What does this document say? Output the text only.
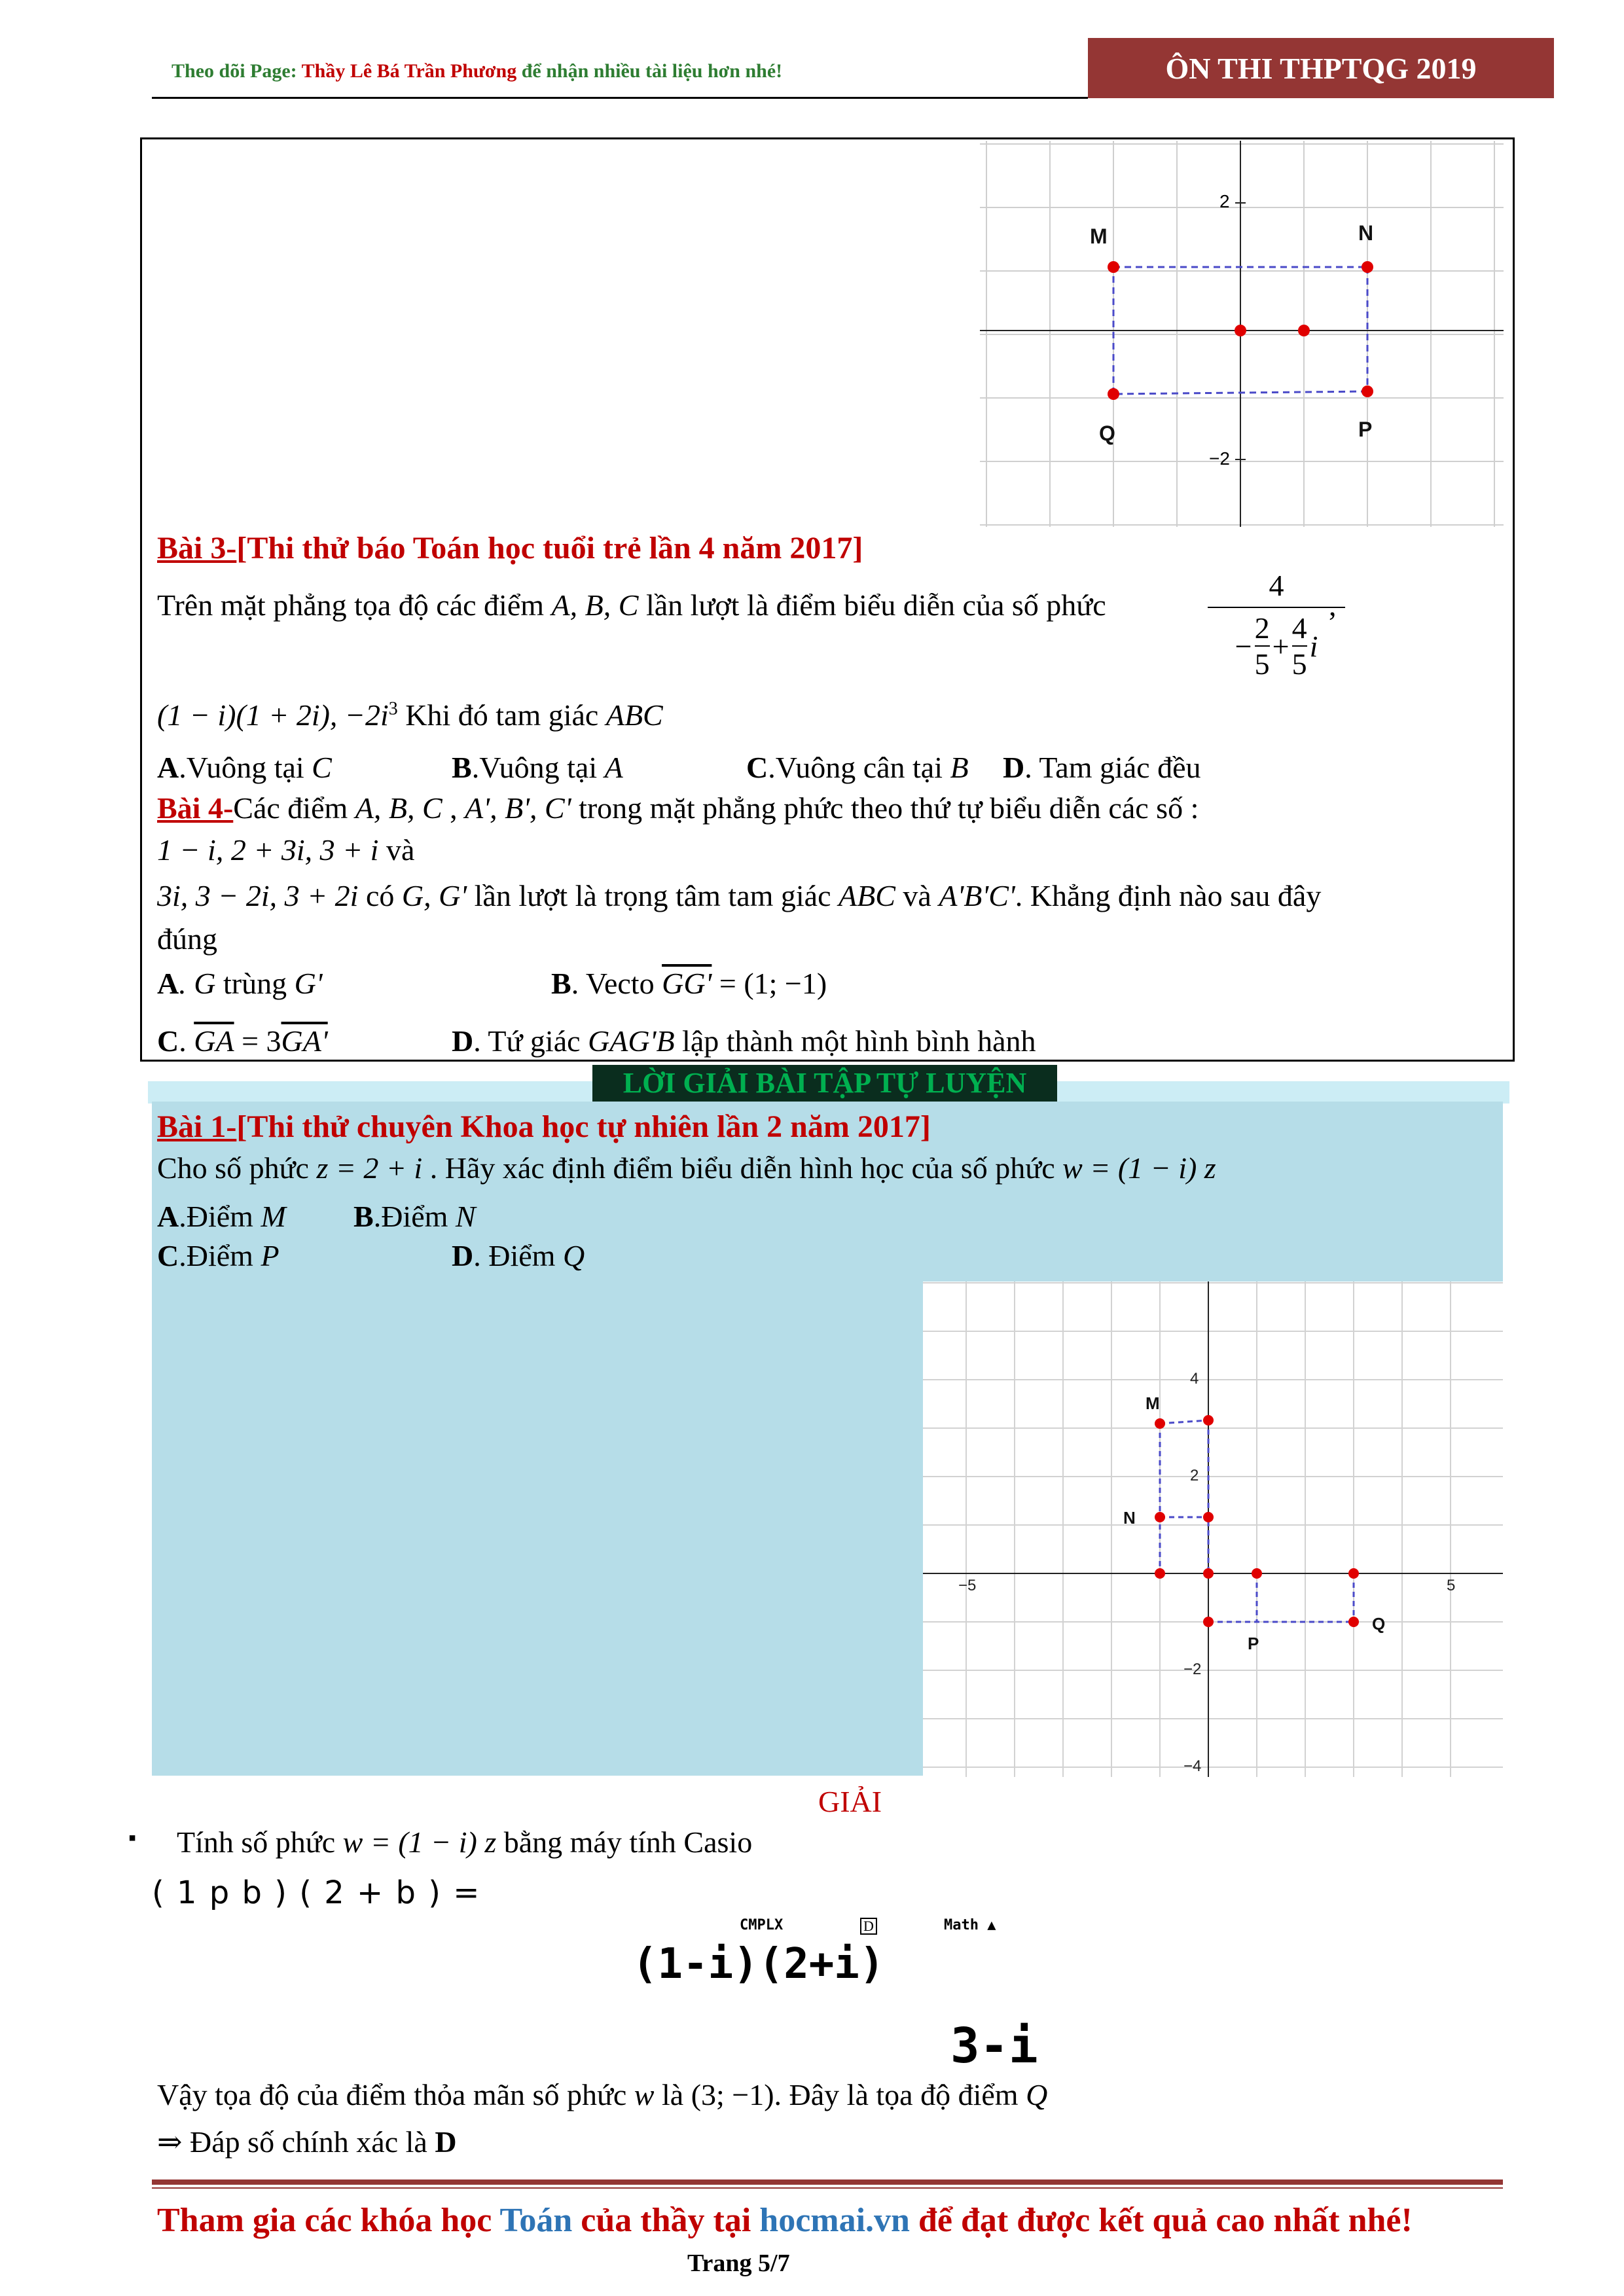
Theo dõi Page: Thầy Lê Bá Trần Phương để nhận nhiều tài liệu hơn nhé!	ÔN THI THPTQG 2019
2
−2
M	N
Q	P
Bài 3-[Thi thử báo Toán học tuổi trẻ lần 4 năm 2017]
Trên mặt phẳng tọa độ các điểm A, B, C lần lượt là điểm biểu diễn của số phức
4
− $\frac{2}{5} + \frac{4}{5}$ i
,
(1 − i)(1 + 2i), $-2i^3$ Khi đó tam giác ABC
A.Vuông tại C	B.Vuông tại A	C.Vuông cân tại B D. Tam giác đều
Bài 4-Các điểm A, B, C , A', B', C' trong mặt phẳng phức theo thứ tự biểu diễn các số :
1 − i, 2 + 3i, 3 + i và
3i, 3 − 2i, 3 + 2i có G, G' lần lượt là trọng tâm tam giác ABC và A'B'C'. Khẳng định nào sau đây
đúng
A. G trùng G'	B. Vecto GG' = (1; −1)
C. $\overline{GA} = 3GA'$	D. Tứ giác GAG'B lập thành một hình bình hành
LỜI GIẢI BÀI TẬP TỰ LUYỆN
Bài 1-[Thi thử chuyên Khoa học tự nhiên lần 2 năm 2017]
Cho số phức z = 2 + i . Hãy xác định điểm biểu diễn hình học của số phức w = (1 − i) z
A.Điểm M B.Điểm N
C.Điểm P	D. Điểm Q
−5	5
4
2
−2
−4
M
N
P
Q
GIẢI
▪ Tính số phức w = (1 − i) z bằng máy tính Casio
( 1 p b ) ( 2 + b ) =
CMPLX	D	Math ▲
(1-i)(2+i)
3-i
Vậy tọa độ của điểm thỏa mãn số phức w là (3; −1). Đây là tọa độ điểm Q
⇒ Đáp số chính xác là D
Tham gia các khóa học Toán của thầy tại hocmai.vn để đạt được kết quả cao nhất nhé!
Trang 5/7
